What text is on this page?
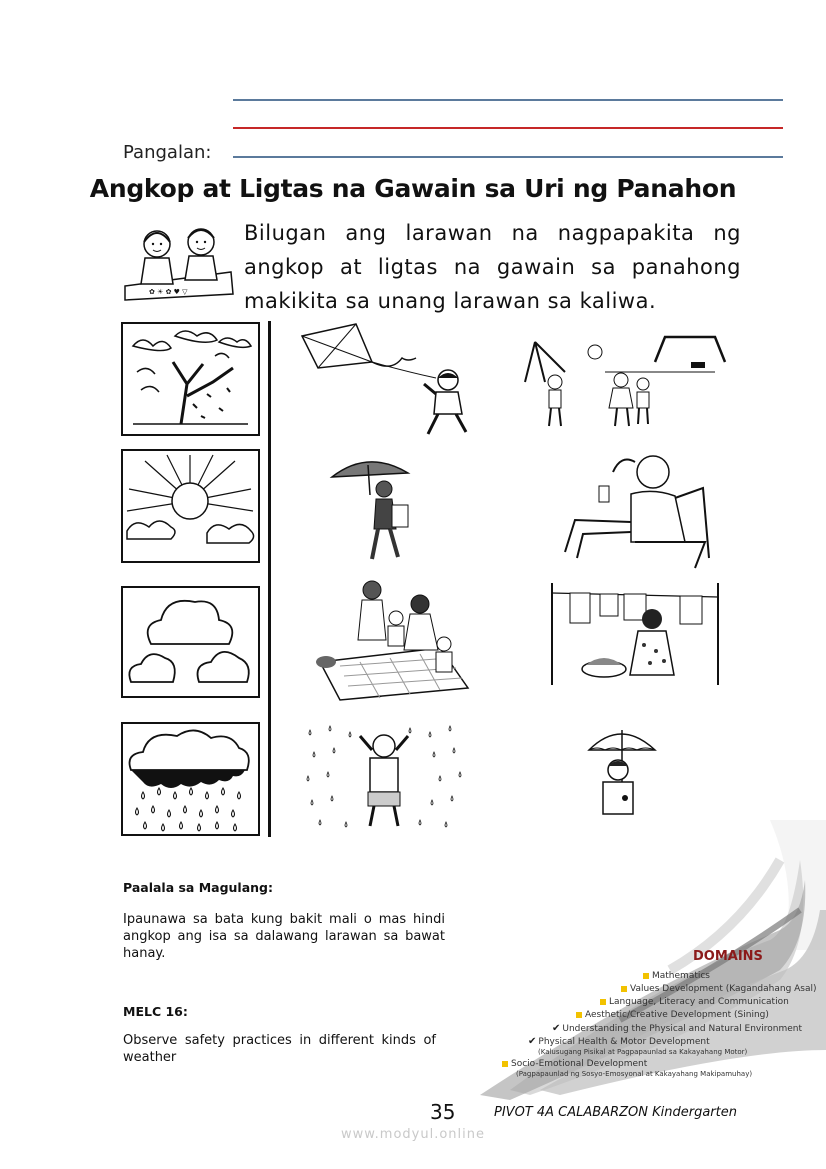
Pangalan:
Angkop at Ligtas na Gawain sa Uri ng Panahon
✿ ☀ ✿ ♥ ▽
Bilugan ang larawan na nagpapakita ng
angkop at ligtas na gawain sa panahong
makikita sa unang larawan sa kaliwa.
Paalala sa Magulang:
Ipaunawa sa bata kung bakit mali o mas hindi angkop ang isa sa dalawang larawan sa bawat hanay.
MELC 16:
Observe safety practices in different kinds of weather
DOMAINS
Mathematics
Values Development (Kagandahang Asal)
Language, Literacy and Communication
Aesthetic/Creative Development (Sining)
✔ Understanding the Physical and Natural Environment
✔ Physical Health & Motor Development
(Kalusugang Pisikal at Pagpapaunlad sa Kakayahang Motor)
Socio-Emotional Development
(Pagpapaunlad ng Sosyo-Emosyonal at Kakayahang Makipamuhay)
35	PIVOT 4A CALABARZON Kindergarten
www.modyul.online
